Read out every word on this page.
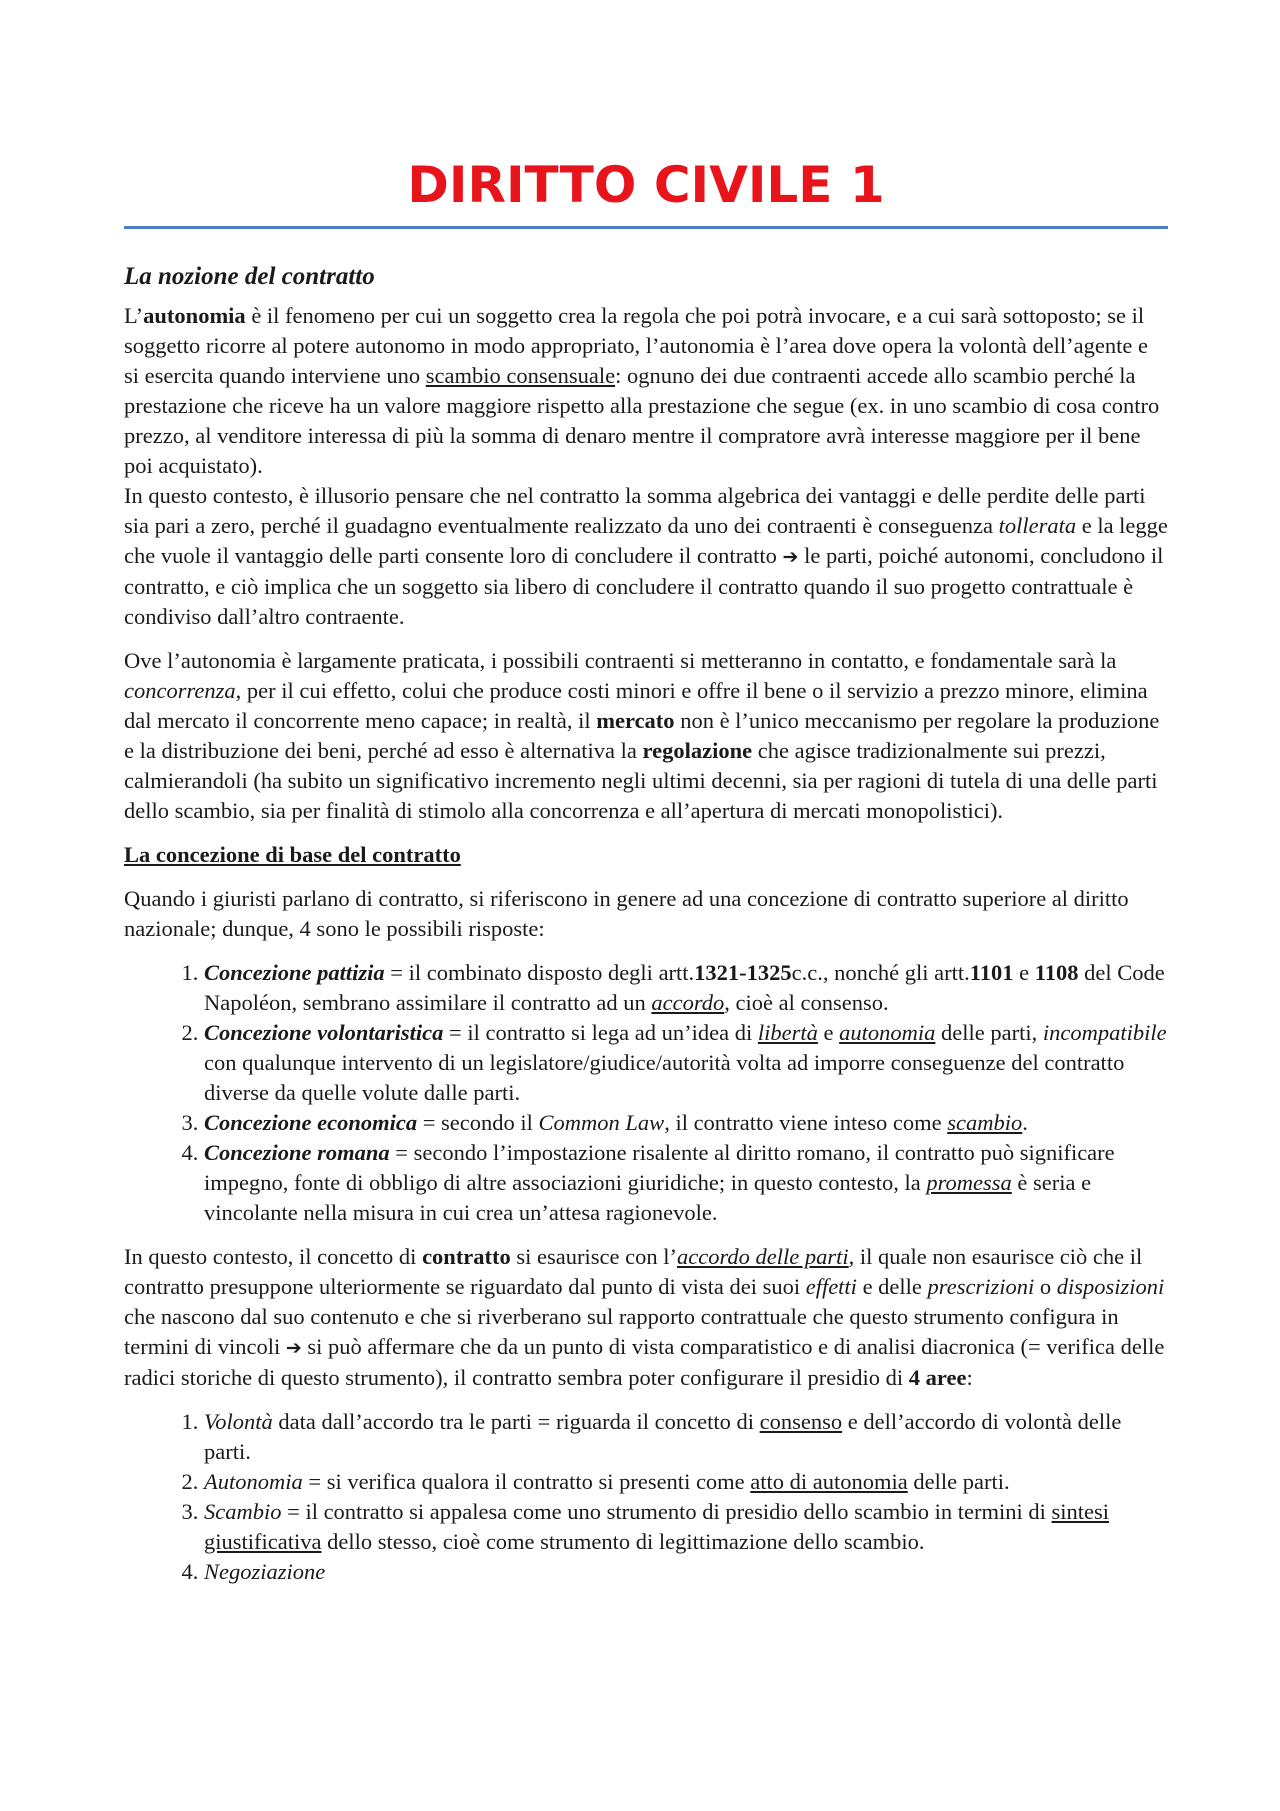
DIRITTO CIVILE 1
La nozione del contratto

L’autonomia è il fenomeno per cui un soggetto crea la regola che poi potrà invocare, e a cui sarà sottoposto; se il soggetto ricorre al potere autonomo in modo appropriato, l’autonomia è l’area dove opera la volontà dell’agente e si esercita quando interviene uno scambio consensuale: ognuno dei due contraenti accede allo scambio perché la prestazione che riceve ha un valore maggiore rispetto alla prestazione che segue (ex. in uno scambio di cosa contro prezzo, al venditore interessa di più la somma di denaro mentre il compratore avrà interesse maggiore per il bene poi acquistato).

In questo contesto, è illusorio pensare che nel contratto la somma algebrica dei vantaggi e delle perdite delle parti sia pari a zero, perché il guadagno eventualmente realizzato da uno dei contraenti è conseguenza tollerata e la legge che vuole il vantaggio delle parti consente loro di concludere il contratto ➔ le parti, poiché autonomi, concludono il contratto, e ciò implica che un soggetto sia libero di concludere il contratto quando il suo progetto contrattuale è condiviso dall’altro contraente.

Ove l’autonomia è largamente praticata, i possibili contraenti si metteranno in contatto, e fondamentale sarà la concorrenza, per il cui effetto, colui che produce costi minori e offre il bene o il servizio a prezzo minore, elimina dal mercato il concorrente meno capace; in realtà, il mercato non è l’unico meccanismo per regolare la produzione e la distribuzione dei beni, perché ad esso è alternativa la regolazione che agisce tradizionalmente sui prezzi, calmierandoli (ha subito un significativo incremento negli ultimi decenni, sia per ragioni di tutela di una delle parti dello scambio, sia per finalità di stimolo alla concorrenza e all’apertura di mercati monopolistici).

La concezione di base del contratto

Quando i giuristi parlano di contratto, si riferiscono in genere ad una concezione di contratto superiore al diritto nazionale; dunque, 4 sono le possibili risposte:

1. Concezione pattizia = il combinato disposto degli artt.1321-1325c.c., nonché gli artt.1101 e 1108 del Code Napoléon, sembrano assimilare il contratto ad un accordo, cioè al consenso.
2. Concezione volontaristica = il contratto si lega ad un’idea di libertà e autonomia delle parti, incompatibile con qualunque intervento di un legislatore/giudice/autorità volta ad imporre conseguenze del contratto diverse da quelle volute dalle parti.
3. Concezione economica = secondo il Common Law, il contratto viene inteso come scambio.
4. Concezione romana = secondo l’impostazione risalente al diritto romano, il contratto può significare impegno, fonte di obbligo di altre associazioni giuridiche; in questo contesto, la promessa è seria e vincolante nella misura in cui crea un’attesa ragionevole.

In questo contesto, il concetto di contratto si esaurisce con l’accordo delle parti, il quale non esaurisce ciò che il contratto presuppone ulteriormente se riguardato dal punto di vista dei suoi effetti e delle prescrizioni o disposizioni che nascono dal suo contenuto e che si riverberano sul rapporto contrattuale che questo strumento configura in termini di vincoli ➔ si può affermare che da un punto di vista comparatistico e di analisi diacronica (= verifica delle radici storiche di questo strumento), il contratto sembra poter configurare il presidio di 4 aree:

1. Volontà data dall’accordo tra le parti = riguarda il concetto di consenso e dell’accordo di volontà delle parti.
2. Autonomia = si verifica qualora il contratto si presenti come atto di autonomia delle parti.
3. Scambio = il contratto si appalesa come uno strumento di presidio dello scambio in termini di sintesi giustificativa dello stesso, cioè come strumento di legittimazione dello scambio.
4. Negoziazione
